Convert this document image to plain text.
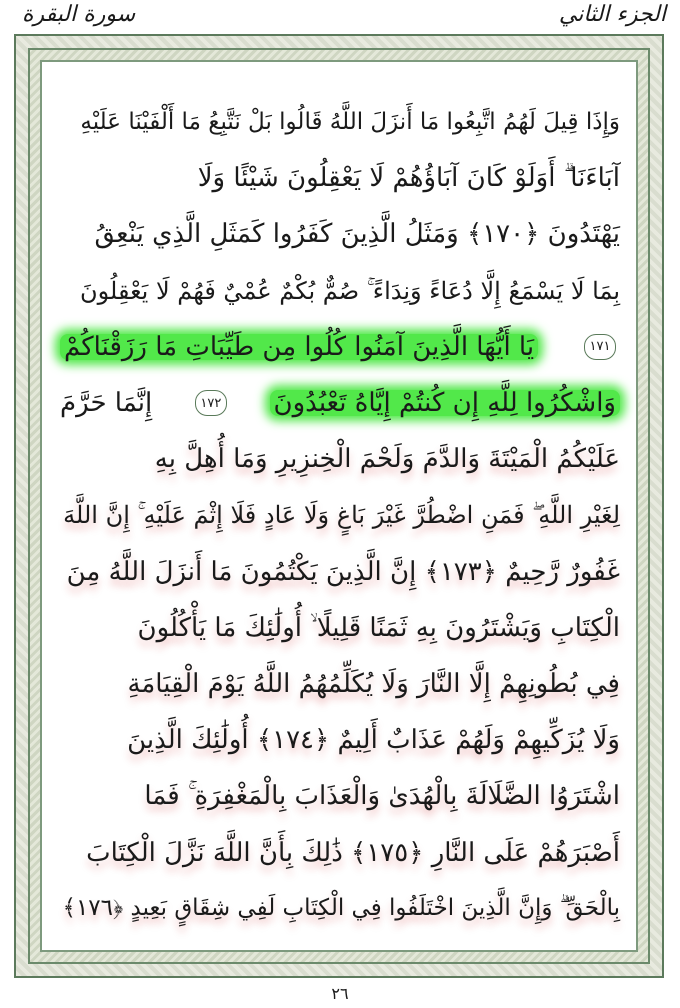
الجزء الثاني
سورة البقرة
وَإِذَا قِيلَ لَهُمُ اتَّبِعُوا مَا أَنزَلَ اللَّهُ قَالُوا بَلْ نَتَّبِعُ مَا أَلْفَيْنَا عَلَيْهِ
آبَاءَنَا ۗ أَوَلَوْ كَانَ آبَاؤُهُمْ لَا يَعْقِلُونَ شَيْئًا وَلَا
يَهْتَدُونَ ﴿١٧٠﴾ وَمَثَلُ الَّذِينَ كَفَرُوا كَمَثَلِ الَّذِي يَنْعِقُ
بِمَا لَا يَسْمَعُ إِلَّا دُعَاءً وَنِدَاءً ۚ صُمٌّ بُكْمٌ عُمْيٌ فَهُمْ لَا يَعْقِلُونَ
١٧١
يَا أَيُّهَا الَّذِينَ آمَنُوا كُلُوا مِن طَيِّبَاتِ مَا رَزَقْنَاكُمْ
وَاشْكُرُوا لِلَّهِ إِن كُنتُمْ إِيَّاهُ تَعْبُدُونَ
١٧٢
إِنَّمَا حَرَّمَ
عَلَيْكُمُ الْمَيْتَةَ وَالدَّمَ وَلَحْمَ الْخِنزِيرِ وَمَا أُهِلَّ بِهِ
لِغَيْرِ اللَّهِ ۖ فَمَنِ اضْطُرَّ غَيْرَ بَاغٍ وَلَا عَادٍ فَلَا إِثْمَ عَلَيْهِ ۚ إِنَّ اللَّهَ
غَفُورٌ رَّحِيمٌ ﴿١٧٣﴾ إِنَّ الَّذِينَ يَكْتُمُونَ مَا أَنزَلَ اللَّهُ مِنَ
الْكِتَابِ وَيَشْتَرُونَ بِهِ ثَمَنًا قَلِيلًا ۙ أُولَٰئِكَ مَا يَأْكُلُونَ
فِي بُطُونِهِمْ إِلَّا النَّارَ وَلَا يُكَلِّمُهُمُ اللَّهُ يَوْمَ الْقِيَامَةِ
وَلَا يُزَكِّيهِمْ وَلَهُمْ عَذَابٌ أَلِيمٌ ﴿١٧٤﴾ أُولَٰئِكَ الَّذِينَ
اشْتَرَوُا الضَّلَالَةَ بِالْهُدَىٰ وَالْعَذَابَ بِالْمَغْفِرَةِ ۚ فَمَا
أَصْبَرَهُمْ عَلَى النَّارِ ﴿١٧٥﴾ ذَٰلِكَ بِأَنَّ اللَّهَ نَزَّلَ الْكِتَابَ
بِالْحَقِّ ۗ وَإِنَّ الَّذِينَ اخْتَلَفُوا فِي الْكِتَابِ لَفِي شِقَاقٍ بَعِيدٍ ﴿١٧٦﴾
٢٦
